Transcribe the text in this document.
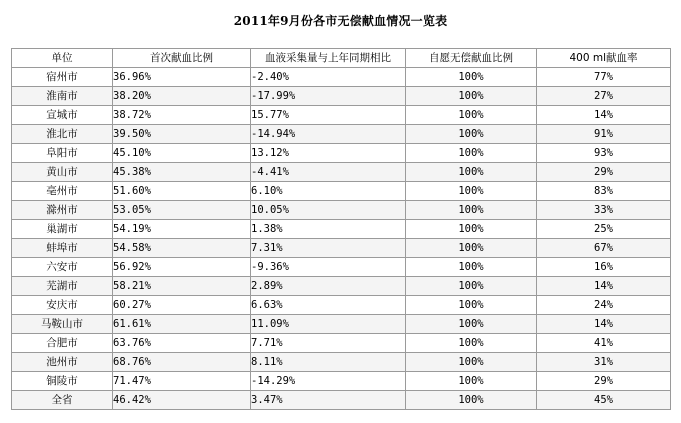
2011年9月份各市无偿献血情况一览表
单位	首次献血比例	血液采集量与上年同期相比	自愿无偿献血比例	400 ml献血率
宿州市	36.96%	-2.40%	100%	77%
淮南市	38.20%	-17.99%	100%	27%
宣城市	38.72%	15.77%	100%	14%
淮北市	39.50%	-14.94%	100%	91%
阜阳市	45.10%	13.12%	100%	93%
黄山市	45.38%	-4.41%	100%	29%
亳州市	51.60%	6.10%	100%	83%
滁州市	53.05%	10.05%	100%	33%
巢湖市	54.19%	1.38%	100%	25%
蚌埠市	54.58%	7.31%	100%	67%
六安市	56.92%	-9.36%	100%	16%
芜湖市	58.21%	2.89%	100%	14%
安庆市	60.27%	6.63%	100%	24%
马鞍山市	61.61%	11.09%	100%	14%
合肥市	63.76%	7.71%	100%	41%
池州市	68.76%	8.11%	100%	31%
铜陵市	71.47%	-14.29%	100%	29%
全省	46.42%	3.47%	100%	45%
